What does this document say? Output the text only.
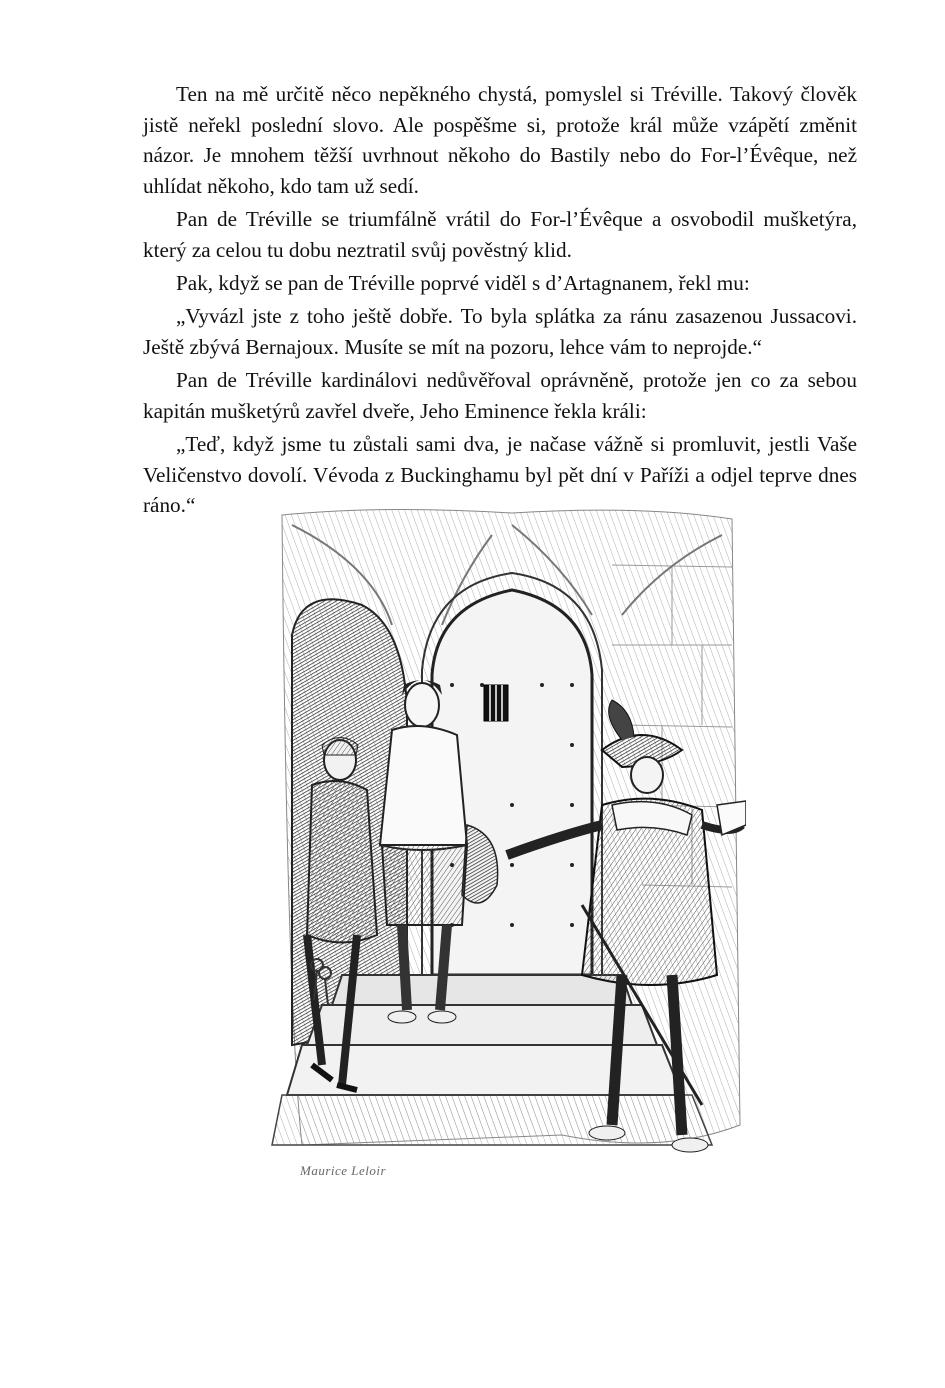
Ten na mě určitě něco nepěkného chystá, pomyslel si Tréville. Takový člověk jistě neřekl poslední slovo. Ale pospěšme si, protože král může vzápětí změnit názor. Je mnohem těžší uvrhnout někoho do Bastily nebo do For-l’Évêque, než uhlídat někoho, kdo tam už sedí.

Pan de Tréville se triumfálně vrátil do For-l’Évêque a osvobodil mušketýra, který za celou tu dobu neztratil svůj pověstný klid.

Pak, když se pan de Tréville poprvé viděl s d’Artagnanem, řekl mu:

„Vyvázl jste z toho ještě dobře. To byla splátka za ránu zasazenou Jussacovi. Ještě zbývá Bernajoux. Musíte se mít na pozoru, lehce vám to neprojde.“

Pan de Tréville kardinálovi nedůvěřoval oprávněně, protože jen co za sebou kapitán mušketýrů zavřel dveře, Jeho Eminence řekla králi:

„Teď, když jsme tu zůstali sami dva, je načase vážně si promluvit, jestli Vaše Veličenstvo dovolí. Vévoda z Buckinghamu byl pět dní v Paříži a odjel teprve dnes ráno.“

Maurice Leloir
